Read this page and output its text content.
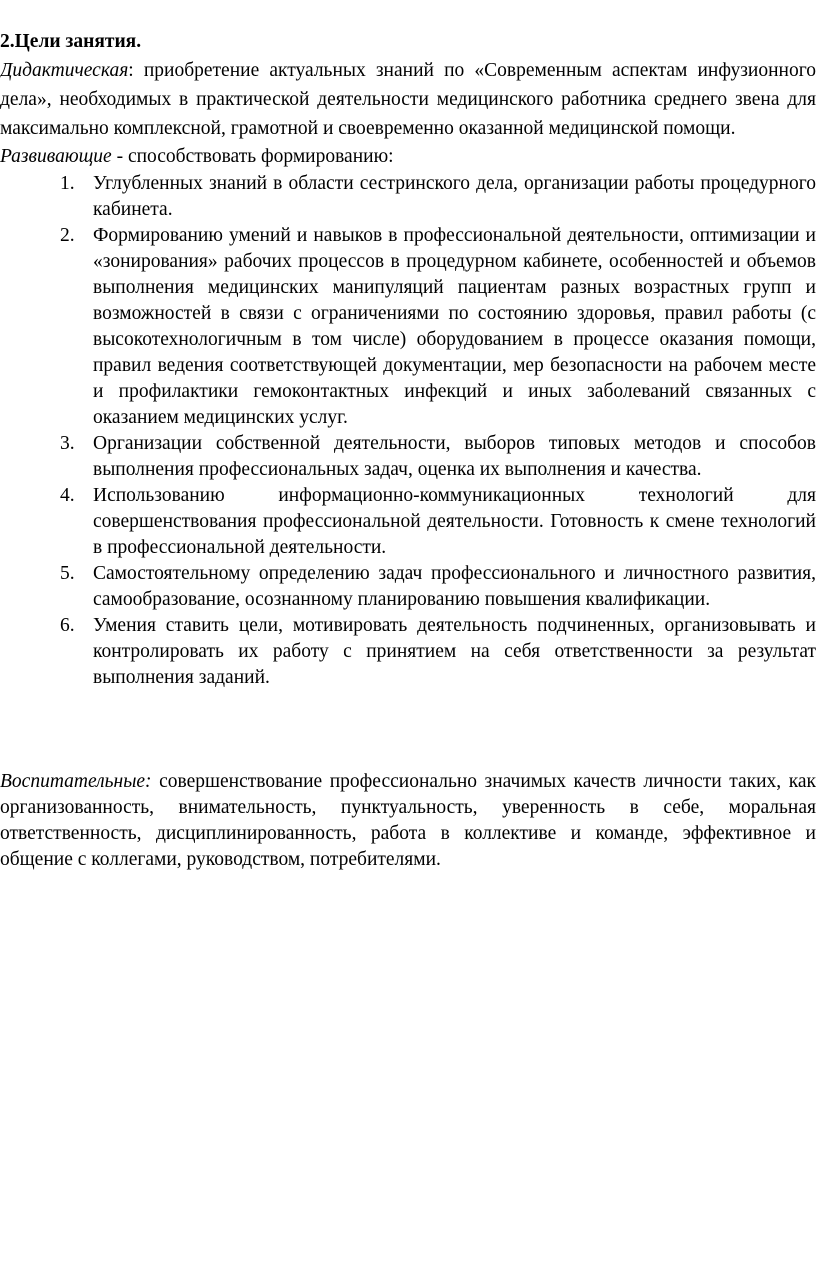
2.Цели занятия.

Дидактическая: приобретение актуальных знаний по «Современным аспектам инфузионного дела», необходимых в практической деятельности медицинского работника среднего звена для максимально комплексной, грамотной и своевременно оказанной медицинской помощи.

Развивающие - способствовать формированию:

1. Углубленных знаний в области сестринского дела, организации работы процедурного кабинета.
2. Формированию умений и навыков в профессиональной деятельности, оптимизации и «зонирования» рабочих процессов в процедурном кабинете, особенностей и объемов выполнения медицинских манипуляций пациентам разных возрастных групп и возможностей в связи с ограничениями по состоянию здоровья, правил работы (с высокотехнологичным в том числе) оборудованием в процессе оказания помощи, правил ведения соответствующей документации, мер безопасности на рабочем месте и профилактики гемоконтактных инфекций и иных заболеваний связанных с оказанием медицинских услуг.
3. Организации собственной деятельности, выборов типовых методов и способов выполнения профессиональных задач, оценка их выполнения и качества.
4. Использованию информационно-коммуникационных технологий для совершенствования профессиональной деятельности. Готовность к смене технологий в профессиональной деятельности.
5. Самостоятельному определению задач профессионального и личностного развития, самообразование, осознанному планированию повышения квалификации.
6. Умения ставить цели, мотивировать деятельность подчиненных, организовывать и контролировать их работу с принятием на себя ответственности за результат выполнения заданий.

Воспитательные: совершенствование профессионально значимых качеств личности таких, как организованность, внимательность, пунктуальность, уверенность в себе, моральная ответственность, дисциплинированность, работа в коллективе и команде, эффективное и общение с коллегами, руководством, потребителями.
